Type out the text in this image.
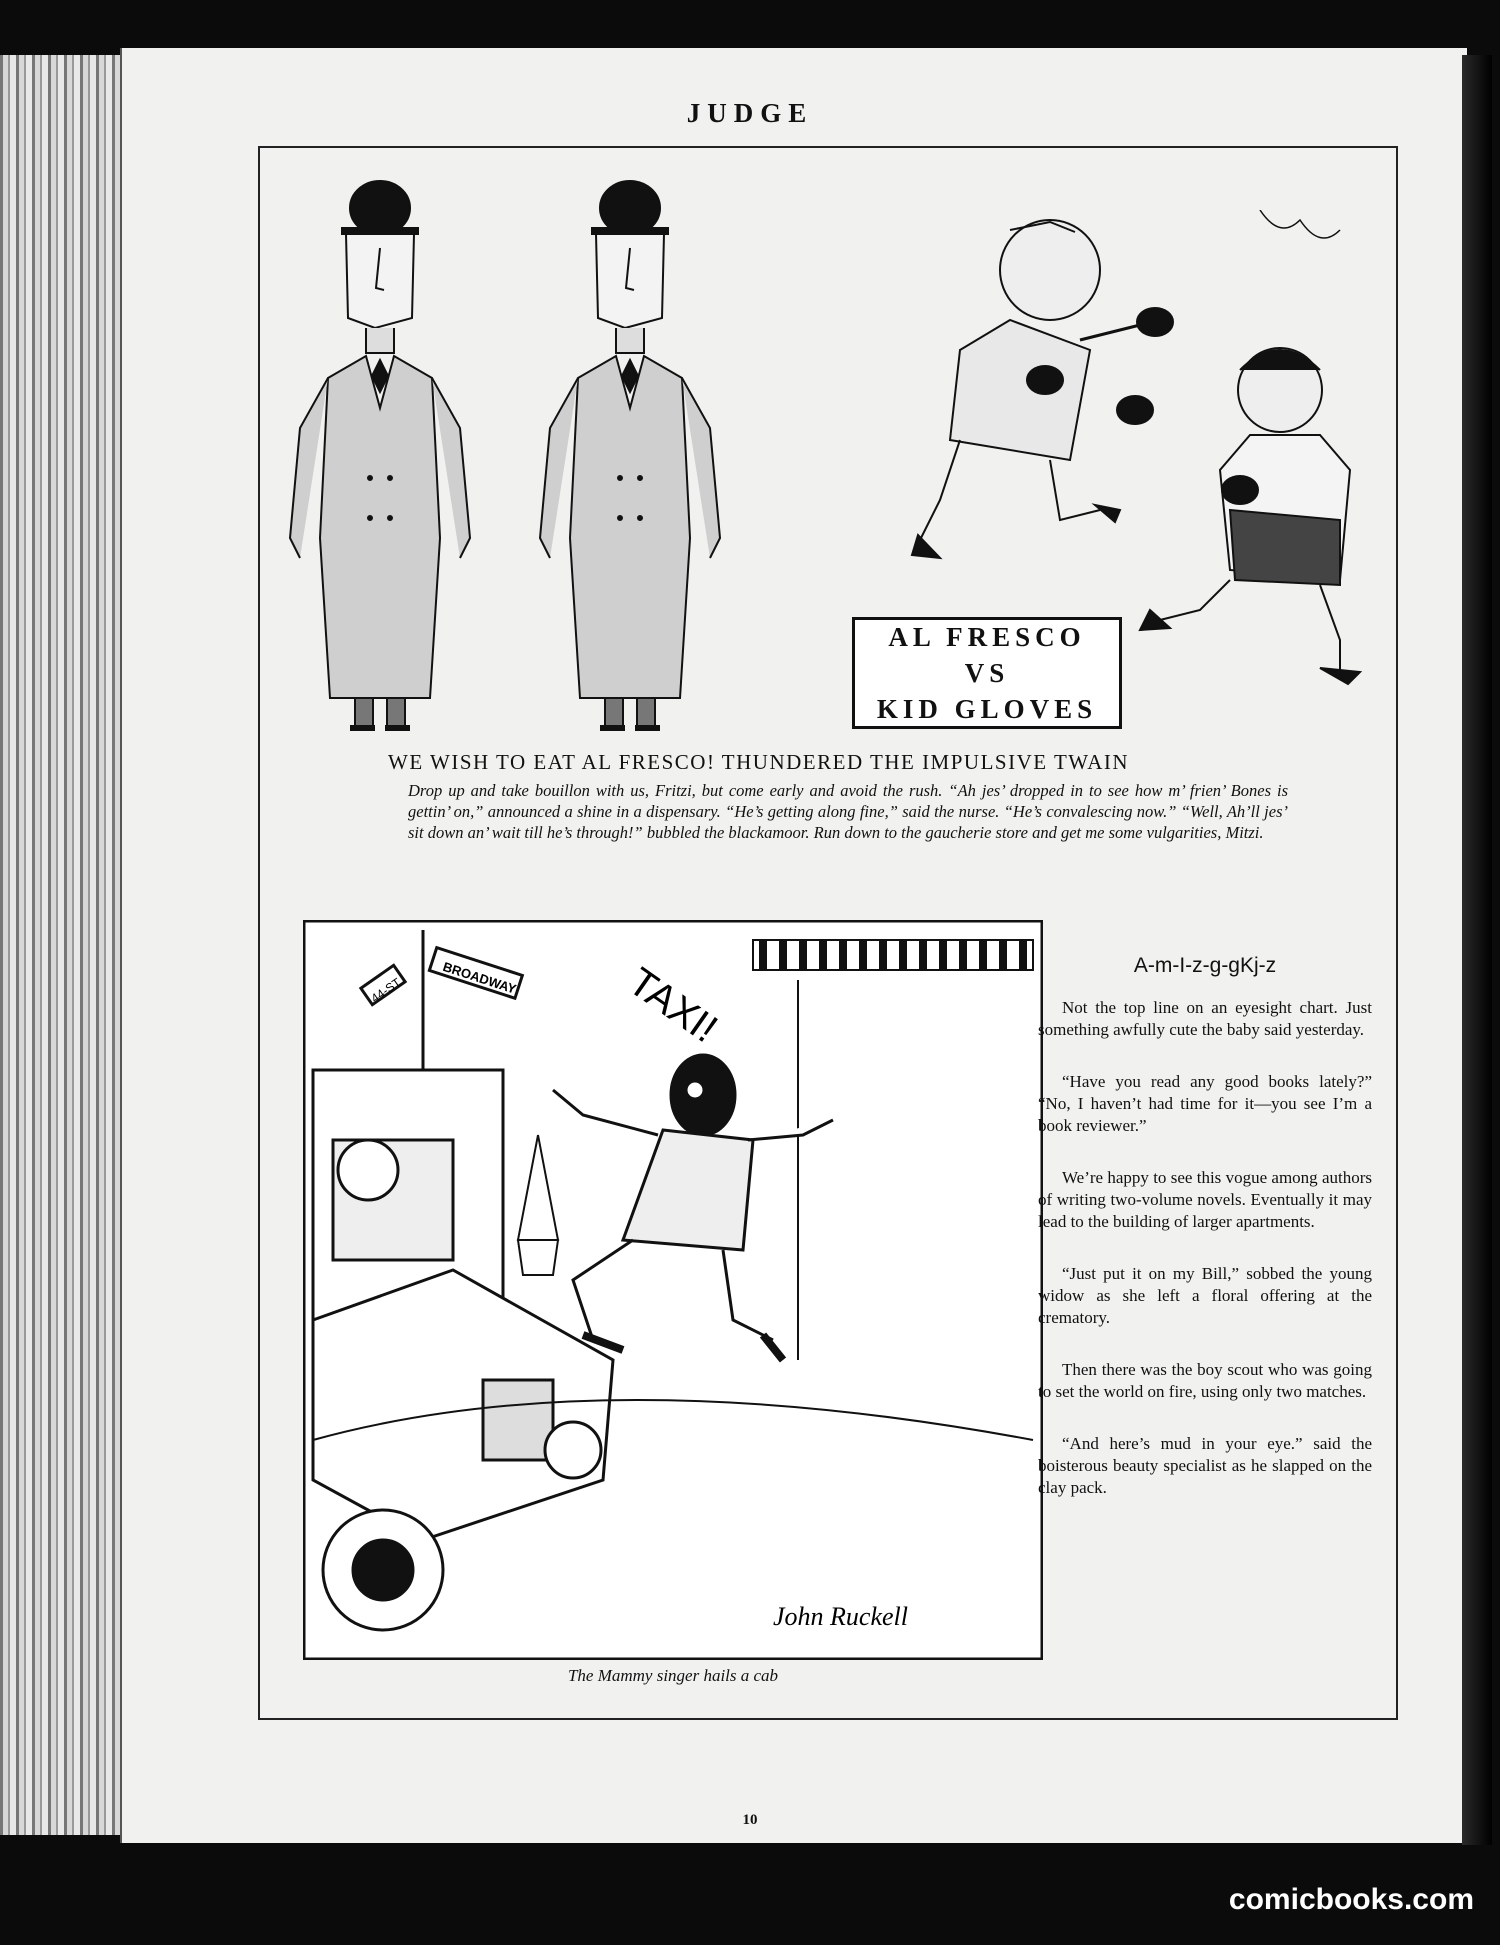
JUDGE
AL FRESCO
VS
KID GLOVES
WE WISH TO EAT AL FRESCO! THUNDERED THE IMPULSIVE TWAIN

Drop up and take bouillon with us, Fritzi, but come early and avoid the rush. “Ah jes’ dropped in to see how m’ frien’ Bones is gettin’ on,” announced a shine in a dispensary. “He’s getting along fine,” said the nurse. “He’s convalescing now.” “Well, Ah’ll jes’ sit down an’ wait till he’s through!” bubbled the blackamoor. Run down to the gaucherie store and get me some vulgarities, Mitzi.

44-ST	BROADWAY	TAXI!
John Ruckell
The Mammy singer hails a cab
A-m-I-z-g-gKj-z

Not the top line on an eyesight chart. Just something awfully cute the baby said yesterday.

“Have you read any good books lately?” “No, I haven’t had time for it—you see I’m a book reviewer.”

We’re happy to see this vogue among authors of writing two-volume novels. Eventually it may lead to the building of larger apartments.

“Just put it on my Bill,” sobbed the young widow as she left a floral offering at the crematory.

Then there was the boy scout who was going to set the world on fire, using only two matches.

“And here’s mud in your eye.” said the boisterous beauty specialist as he slapped on the clay pack.

10
comicbooks.com
